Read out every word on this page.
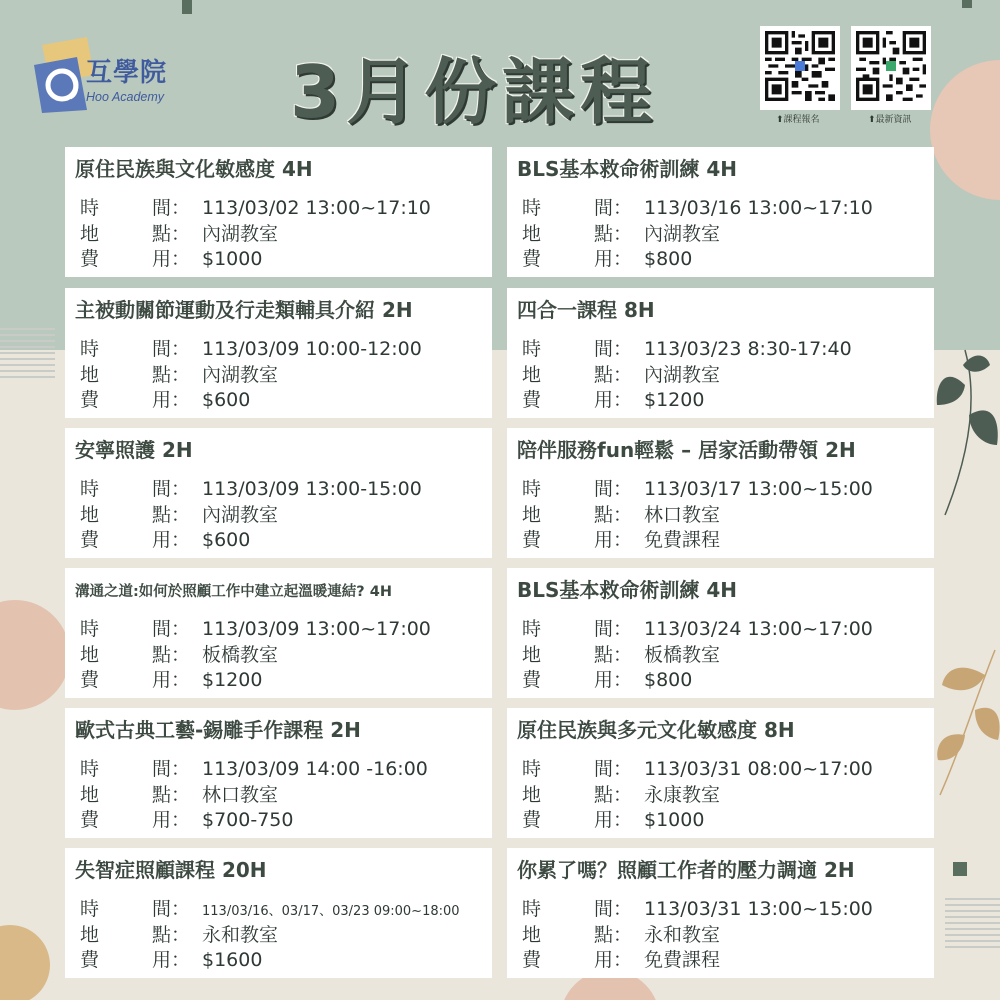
互學院
Hoo Academy 3月份課程	⬆課程報名	⬆最新資訊
原住民族與文化敏感度 4H
時	間： 113/03/02 13:00~17:10
地	點： 內湖教室
費	用： $1000
BLS基本救命術訓練 4H
時	間： 113/03/16 13:00~17:10
地	點： 內湖教室
費	用： $800
主被動關節運動及行走類輔具介紹 2H
時	間： 113/03/09 10:00-12:00
地	點： 內湖教室
費	用： $600
四合一課程 8H
時	間：113/03/23 8:30-17:40
地	點： 內湖教室
費	用： $1200
安寧照護 2H
時	間： 113/03/09 13:00-15:00
地	點： 內湖教室
費	用： $600
陪伴服務fun輕鬆 – 居家活動帶領 2H
時	間： 113/03/17 13:00~15:00
地	點： 林口教室
費	用： 免費課程
溝通之道:如何於照顧工作中建立起溫暖連結? 4H
時	間：113/03/09 13:00~17:00
地	點： 板橋教室
費	用： $1200
BLS基本救命術訓練 4H
時	間：113/03/24 13:00~17:00
地	點： 板橋教室
費	用： $800
歐式古典工藝-錫雕手作課程 2H
時	間： 113/03/09 14:00 -16:00
地	點： 林口教室
費	用： $700-750
原住民族與多元文化敏感度 8H
時	間： 113/03/31 08:00~17:00
地	點： 永康教室
費	用： $1000
失智症照顧課程 20H
時	間： 113/03/16、03/17、03/23 09:00~18:00
地	點： 永和教室
費	用： $1600
你累了嗎？照顧工作者的壓力調適 2H
時	間： 113/03/31 13:00~15:00
地	點： 永和教室
費	用： 免費課程
